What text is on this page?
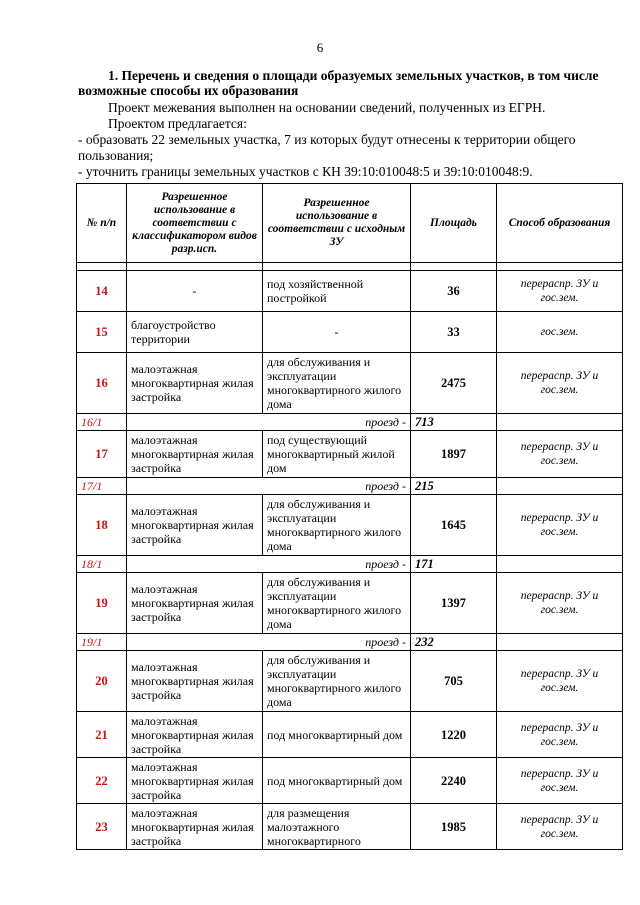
6
1. Перечень и сведения о площади образуемых земельных участков, в том числе возможные способы их образования

Проект межевания выполнен на основании сведений, полученных из ЕГРН.

Проектом предлагается:

- образовать 22 земельных участка, 7 из которых будут отнесены к территории общего пользования;

- уточнить границы земельных участков с КН 39:10:010048:5 и 39:10:010048:9.

№ п/п	Разрешенное использование в соответствии с классификатором видов разр.исп.	Разрешенное использование в соответствии с исходным ЗУ	Площадь	Способ образования

14	-	под хозяйственной постройкой	36	перераспр. ЗУ и гос.зем.
15	благоустройство территории	-	33	гос.зем.
16	малоэтажная многоквартирная жилая застройка	для обслуживания и эксплуатации многоквартирного жилого дома	2475	перераспр. ЗУ и гос.зем.
16/1	проезд -		713	
17	малоэтажная многоквартирная жилая застройка	под существующий многоквартирный жилой дом	1897	перераспр. ЗУ и гос.зем.
17/1	проезд -		215	
18	малоэтажная многоквартирная жилая застройка	для обслуживания и эксплуатации многоквартирного жилого дома	1645	перераспр. ЗУ и гос.зем.
18/1	проезд -		171	
19	малоэтажная многоквартирная жилая застройка	для обслуживания и эксплуатации многоквартирного жилого дома	1397	перераспр. ЗУ и гос.зем.
19/1	проезд -		232	
20	малоэтажная многоквартирная жилая застройка	для обслуживания и эксплуатации многоквартирного жилого дома	705	перераспр. ЗУ и гос.зем.
21	малоэтажная многоквартирная жилая застройка	под многоквартирный дом	1220	перераспр. ЗУ и гос.зем.
22	малоэтажная многоквартирная жилая застройка	под многоквартирный дом	2240	перераспр. ЗУ и гос.зем.
23	малоэтажная многоквартирная жилая застройка	для размещения малоэтажного многоквартирного	1985	перераспр. ЗУ и гос.зем.
